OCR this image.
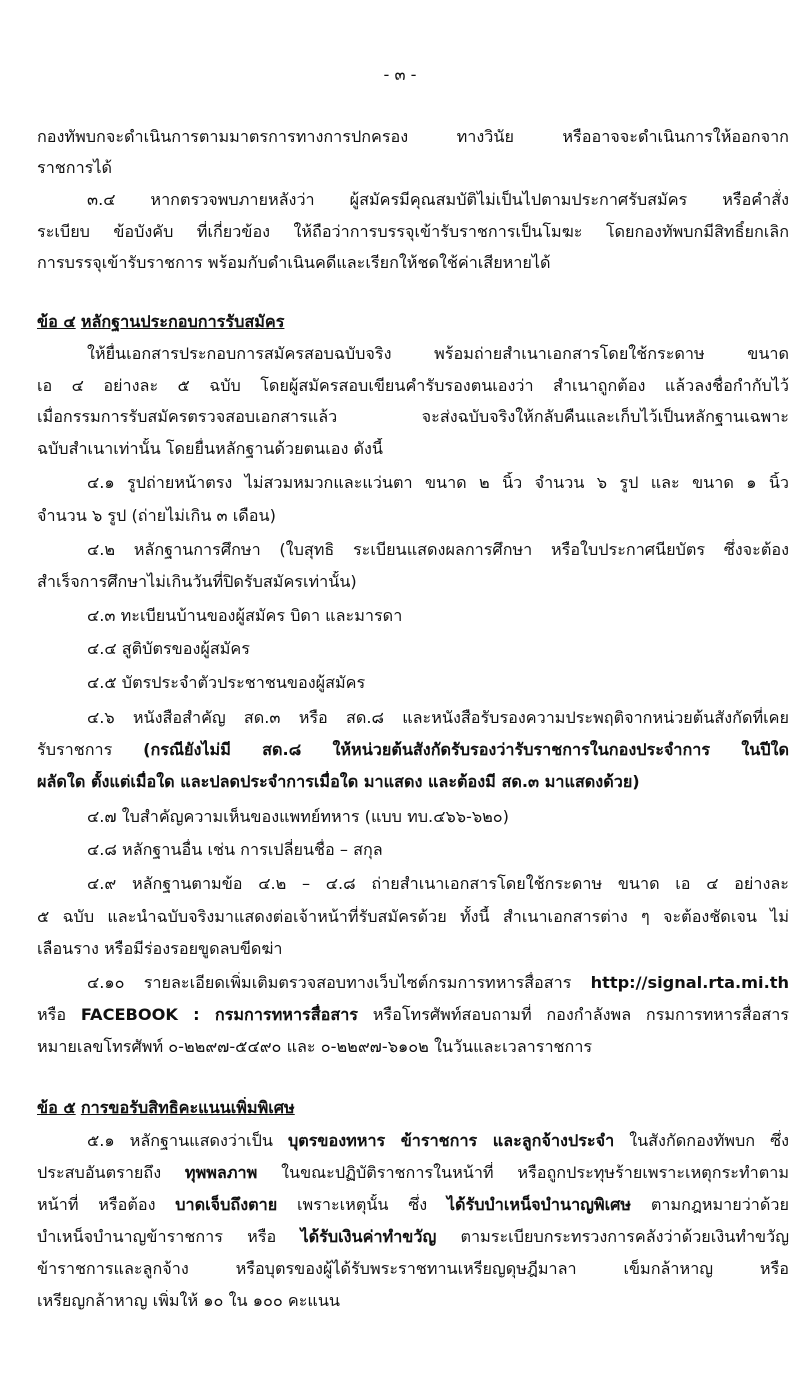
- ๓ -
กองทัพบกจะดำเนินการตามมาตรการทางการปกครอง ทางวินัย หรืออาจจะดำเนินการให้ออกจาก
ราชการได้
๓.๔ หากตรวจพบภายหลังว่า ผู้สมัครมีคุณสมบัติไม่เป็นไปตามประกาศรับสมัคร หรือคำสั่ง
ระเบียบ ข้อบังคับ ที่เกี่ยวข้อง ให้ถือว่าการบรรจุเข้ารับราชการเป็นโมฆะ โดยกองทัพบกมีสิทธิ์ยกเลิก
การบรรจุเข้ารับราชการ พร้อมกับดำเนินคดีและเรียกให้ชดใช้ค่าเสียหายได้
ข้อ ๔ หลักฐานประกอบการรับสมัคร
ให้ยื่นเอกสารประกอบการสมัครสอบฉบับจริง พร้อมถ่ายสำเนาเอกสารโดยใช้กระดาษ ขนาด
เอ ๔ อย่างละ ๕ ฉบับ โดยผู้สมัครสอบเขียนคำรับรองตนเองว่า สำเนาถูกต้อง แล้วลงชื่อกำกับไว้
เมื่อกรรมการรับสมัครตรวจสอบเอกสารแล้ว จะส่งฉบับจริงให้กลับคืนและเก็บไว้เป็นหลักฐานเฉพาะ
ฉบับสำเนาเท่านั้น โดยยื่นหลักฐานด้วยตนเอง ดังนี้
๔.๑ รูปถ่ายหน้าตรง ไม่สวมหมวกและแว่นตา ขนาด ๒ นิ้ว จำนวน ๖ รูป และ ขนาด ๑ นิ้ว
จำนวน ๖ รูป (ถ่ายไม่เกิน ๓ เดือน)
๔.๒ หลักฐานการศึกษา (ใบสุทธิ ระเบียนแสดงผลการศึกษา หรือใบประกาศนียบัตร ซึ่งจะต้อง
สำเร็จการศึกษาไม่เกินวันที่ปิดรับสมัครเท่านั้น)
๔.๓ ทะเบียนบ้านของผู้สมัคร บิดา และมารดา
๔.๔ สูติบัตรของผู้สมัคร
๔.๕ บัตรประจำตัวประชาชนของผู้สมัคร
๔.๖ หนังสือสำคัญ สด.๓ หรือ สด.๘ และหนังสือรับรองความประพฤติจากหน่วยต้นสังกัดที่เคย
รับราชการ (กรณียังไม่มี สด.๘ ให้หน่วยต้นสังกัดรับรองว่ารับราชการในกองประจำการ ในปีใด
ผลัดใด ตั้งแต่เมื่อใด และปลดประจำการเมื่อใด มาแสดง และต้องมี สด.๓ มาแสดงด้วย)
๔.๗ ใบสำคัญความเห็นของแพทย์ทหาร (แบบ ทบ.๔๖๖-๖๒๐)
๔.๘ หลักฐานอื่น เช่น การเปลี่ยนชื่อ – สกุล
๔.๙ หลักฐานตามข้อ ๔.๒ – ๔.๘ ถ่ายสำเนาเอกสารโดยใช้กระดาษ ขนาด เอ ๔ อย่างละ
๕ ฉบับ และนำฉบับจริงมาแสดงต่อเจ้าหน้าที่รับสมัครด้วย ทั้งนี้ สำเนาเอกสารต่าง ๆ จะต้องชัดเจน ไม่
เลือนราง หรือมีร่องรอยขูดลบขีดฆ่า
๔.๑๐ รายละเอียดเพิ่มเติมตรวจสอบทางเว็บไซต์กรมการทหารสื่อสาร http://signal.rta.mi.th
หรือ FACEBOOK : กรมการทหารสื่อสาร หรือโทรศัพท์สอบถามที่ กองกำลังพล กรมการทหารสื่อสาร
หมายเลขโทรศัพท์ ๐-๒๒๙๗-๕๔๙๐ และ ๐-๒๒๙๗-๖๑๐๒ ในวันและเวลาราชการ
ข้อ ๕ การขอรับสิทธิคะแนนเพิ่มพิเศษ
๕.๑ หลักฐานแสดงว่าเป็น บุตรของทหาร ข้าราชการ และลูกจ้างประจำ ในสังกัดกองทัพบก ซึ่ง
ประสบอันตรายถึง ทุพพลภาพ ในขณะปฏิบัติราชการในหน้าที่ หรือถูกประทุษร้ายเพราะเหตุกระทำตาม
หน้าที่ หรือต้อง บาดเจ็บถึงตาย เพราะเหตุนั้น ซึ่ง ได้รับบำเหน็จบำนาญพิเศษ ตามกฎหมายว่าด้วย
บำเหน็จบำนาญข้าราชการ หรือ ได้รับเงินค่าทำขวัญ ตามระเบียบกระทรวงการคลังว่าด้วยเงินทำขวัญ
ข้าราชการและลูกจ้าง หรือบุตรของผู้ได้รับพระราชทานเหรียญดุษฎีมาลา เข็มกล้าหาญ หรือ
เหรียญกล้าหาญ เพิ่มให้ ๑๐ ใน ๑๐๐ คะแนน
